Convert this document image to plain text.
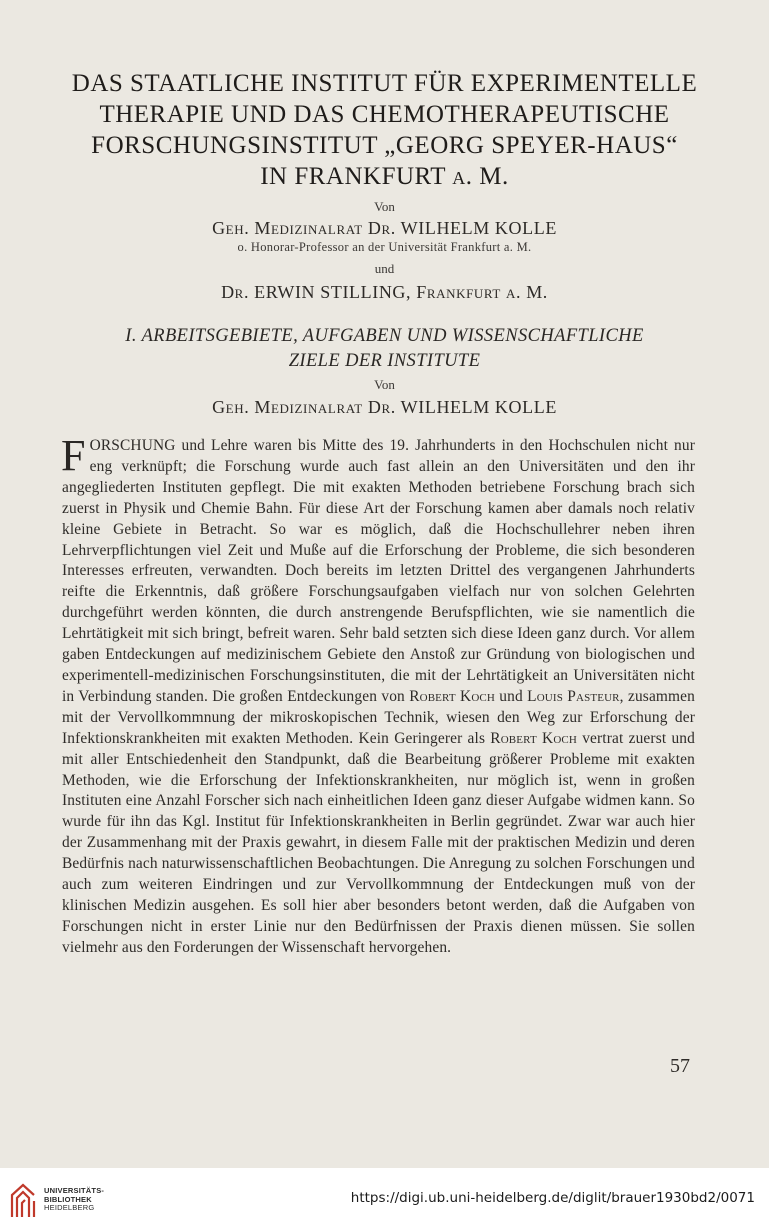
DAS STAATLICHE INSTITUT FÜR EXPERIMENTELLE
THERAPIE UND DAS CHEMOTHERAPEUTISCHE
FORSCHUNGSINSTITUT „GEORG SPEYER-HAUS“
IN FRANKFURT a. M.
Von
Geh. Medizinalrat Dr. WILHELM KOLLE
o. Honorar-Professor an der Universität Frankfurt a. M.
und
Dr. ERWIN STILLING, Frankfurt a. M.
I. ARBEITSGEBIETE, AUFGABEN UND WISSENSCHAFTLICHE
ZIELE DER INSTITUTE
Von
Geh. Medizinalrat Dr. WILHELM KOLLE

FORSCHUNG und Lehre waren bis Mitte des 19. Jahrhunderts in den Hochschulen nicht nur eng verknüpft; die Forschung wurde auch fast allein an den Universitäten und den ihr angegliederten Instituten gepflegt. Die mit exakten Methoden betriebene Forschung brach sich zuerst in Physik und Chemie Bahn. Für diese Art der Forschung kamen aber damals noch relativ kleine Gebiete in Betracht. So war es möglich, daß die Hochschullehrer neben ihren Lehrverpflichtungen viel Zeit und Muße auf die Erforschung der Probleme, die sich besonderen Interesses erfreuten, verwandten. Doch bereits im letzten Drittel des vergangenen Jahrhunderts reifte die Erkenntnis, daß größere Forschungsaufgaben vielfach nur von solchen Gelehrten durchgeführt werden könnten, die durch anstrengende Berufspflichten, wie sie namentlich die Lehrtätigkeit mit sich bringt, befreit waren. Sehr bald setzten sich diese Ideen ganz durch. Vor allem gaben Entdeckungen auf medizinischem Gebiete den Anstoß zur Gründung von biologischen und experimentell-medizinischen Forschungsinstituten, die mit der Lehrtätigkeit an Universitäten nicht in Verbindung standen. Die großen Entdeckungen von Robert Koch und Louis Pasteur, zusammen mit der Vervollkommnung der mikroskopischen Technik, wiesen den Weg zur Erforschung der Infektionskrankheiten mit exakten Methoden. Kein Geringerer als Robert Koch vertrat zuerst und mit aller Entschiedenheit den Standpunkt, daß die Bearbeitung größerer Probleme mit exakten Methoden, wie die Erforschung der Infektionskrankheiten, nur möglich ist, wenn in großen Instituten eine Anzahl Forscher sich nach einheitlichen Ideen ganz dieser Aufgabe widmen kann. So wurde für ihn das Kgl. Institut für Infektionskrankheiten in Berlin gegründet. Zwar war auch hier der Zusammenhang mit der Praxis gewahrt, in diesem Falle mit der praktischen Medizin und deren Bedürfnis nach naturwissenschaftlichen Beobachtungen. Die Anregung zu solchen Forschungen und auch zum weiteren Eindringen und zur Vervollkommnung der Entdeckungen muß von der klinischen Medizin ausgehen. Es soll hier aber besonders betont werden, daß die Aufgaben von Forschungen nicht in erster Linie nur den Bedürfnissen der Praxis dienen müssen. Sie sollen vielmehr aus den Forderungen der Wissenschaft hervorgehen.

57
UNIVERSITÄTS-
BIBLIOTHEK
HEIDELBERG
https://digi.ub.uni-heidelberg.de/diglit/brauer1930bd2/0071
